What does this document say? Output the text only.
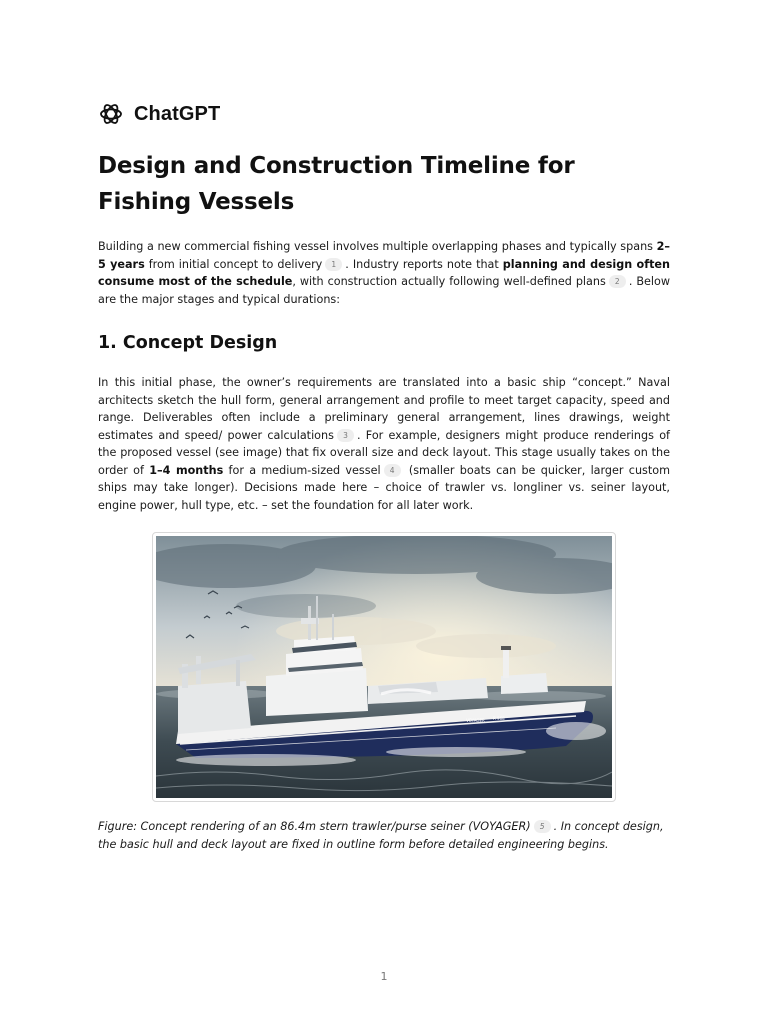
ChatGPT
Design and Construction Timeline for Fishing Vessels

Building a new commercial fishing vessel involves multiple overlapping phases and typically spans 2–5 years from initial concept to delivery 1 . Industry reports note that planning and design often consume most of the schedule, with construction actually following well-defined plans 2 . Below are the major stages and typical durations:

1. Concept Design

In this initial phase, the owner’s requirements are translated into a basic ship “concept.” Naval architects sketch the hull form, general arrangement and profile to meet target capacity, speed and range. Deliverables often include a preliminary general arrangement, lines drawings, weight estimates and speed/ power calculations 3 . For example, designers might produce renderings of the proposed vessel (see image) that fix overall size and deck layout. This stage usually takes on the order of 1–4 months for a medium-sized vessel 4 (smaller boats can be quicker, larger custom ships may take longer). Decisions made here – choice of trawler vs. longliner vs. seiner layout, engine power, hull type, etc. – set the foundation for all later work.

VOYAGER R 968

Figure: Concept rendering of an 86.4m stern trawler/purse seiner (VOYAGER) 5 . In concept design, the basic hull and deck layout are fixed in outline form before detailed engineering begins.

1
